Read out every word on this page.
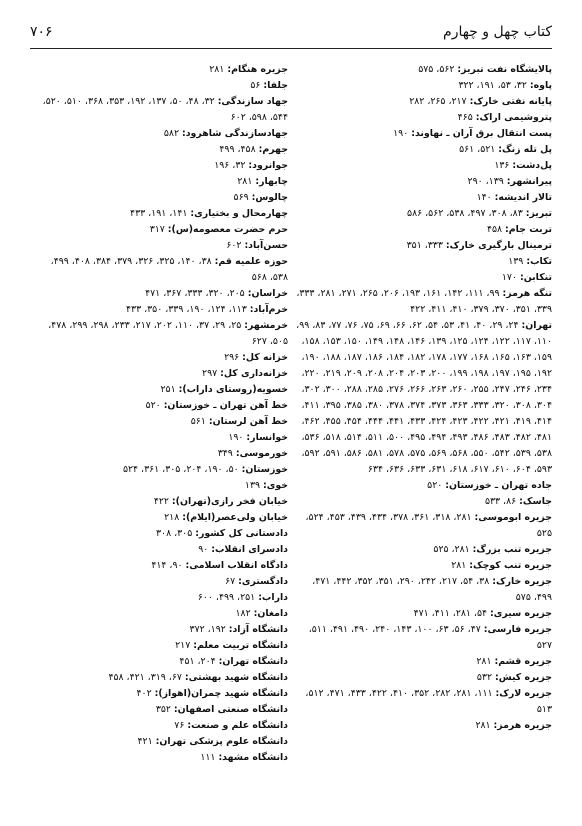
کتاب چهل و چهارم
۷۰۶

پالایشگاه نفت تبریز: ۵۶۲، ۵۷۵

پاوه: ۳۲، ۵۳، ۱۹۱، ۳۲۲

پایانه نفتی خارک: ۲۱۷، ۲۶۵، ۲۸۲

پتروشیمی اراک: ۴۶۵

پست انتقال برق آران ـ نهاوند: ۱۹۰

پل تله زنگ: ۵۲۱، ۵۶۱

پل‌دشت: ۱۳۶

پیرانشهر: ۱۳۹، ۲۹۰

تالار اندیشه: ۱۴۰

تبریز: ۸۳، ۳۰۸، ۴۹۷، ۵۳۸، ۵۶۲، ۵۸۶

تربت جام: ۴۵۸

ترمینال بارگیری خارک: ۳۳۳، ۳۵۱

تکاب: ۱۳۹

تنکابن: ۱۷۰

تنگه هرمز: ۹۹، ۱۱۱، ۱۴۲، ۱۶۱، ۱۹۳، ۲۰۶، ۲۶۵، ۲۷۱، ۲۸۱، ۳۳۳، ۳۳۹، ۳۵۱، ۳۷۰، ۳۷۹، ۴۱۰، ۴۱۱، ۴۲۲

تهران: ۲۴، ۲۹، ۴۰، ۴۱، ۵۳، ۵۴، ۶۲، ۶۶، ۶۹، ۷۵، ۷۶، ۷۷، ۸۳، ۹۹، ۱۱۰، ۱۱۷، ۱۲۲، ۱۲۴، ۱۲۵، ۱۳۹، ۱۴۶، ۱۴۸، ۱۴۹، ۱۵۰، ۱۵۳، ۱۵۸، ۱۵۹، ۱۶۳، ۱۶۵، ۱۶۸، ۱۷۷، ۱۷۸، ۱۸۲، ۱۸۴، ۱۸۶، ۱۸۷، ۱۸۸، ۱۹۰، ۱۹۲، ۱۹۵، ۱۹۷، ۱۹۸، ۱۹۹، ۲۰۰، ۲۰۳، ۲۰۴، ۲۰۸، ۲۰۹، ۲۱۹، ۲۲۰، ۲۳۴، ۲۴۶، ۲۴۷، ۲۵۵، ۲۶۰، ۲۶۳، ۲۶۶، ۲۷۶، ۲۸۵، ۲۸۸، ۳۰۰، ۳۰۲، ۳۰۴، ۳۰۸، ۳۲۰، ۳۳۳، ۳۶۳، ۳۷۳، ۳۷۴، ۳۷۸، ۳۸۰، ۳۸۵، ۳۹۵، ۴۱۱، ۴۱۴، ۴۱۹، ۴۲۱، ۴۲۲، ۴۲۳، ۴۲۴، ۴۳۳، ۴۴۱، ۴۴۴، ۴۵۴، ۴۵۵، ۴۶۲، ۴۸۱، ۴۸۲، ۴۸۳، ۴۸۶، ۴۹۳، ۴۹۴، ۴۹۵، ۵۰۰، ۵۱۱، ۵۱۴، ۵۱۸، ۵۳۶، ۵۳۸، ۵۳۹، ۵۴۲، ۵۵۰، ۵۶۸، ۵۶۹، ۵۷۵، ۵۷۸، ۵۸۱، ۵۸۶، ۵۹۱، ۵۹۲، ۵۹۳، ۶۰۴، ۶۱۰، ۶۱۷، ۶۱۸، ۶۳۱، ۶۳۳، ۶۳۶، ۶۳۴

جاده تهران ـ خوزستان: ۵۲۰

جاسک: ۸۶، ۵۳۳

جزیره ابوموسی: ۲۸۱، ۳۱۸، ۳۶۱، ۳۷۸، ۴۳۴، ۴۳۹، ۴۵۳، ۵۲۴، ۵۲۵

جزیره تنب بزرگ: ۲۸۱، ۵۲۵

جزیره تنب کوچک: ۲۸۱

جزیره خارک: ۳۸، ۵۴، ۲۱۷، ۲۴۲، ۲۹۰، ۳۵۱، ۳۵۲، ۴۴۲، ۴۷۱، ۴۹۹، ۵۷۵

جزیره سیری: ۵۴، ۲۸۱، ۴۱۱، ۴۷۱

جزیره فارسی: ۴۷، ۵۶، ۶۳، ۱۰۰، ۱۴۳، ۲۴۰، ۴۹۰، ۴۹۱، ۵۱۱، ۵۲۷

جزیره قشم: ۲۸۱

جزیره کیش: ۵۳۲

جزیره لارک: ۱۱۱، ۲۸۱، ۲۸۲، ۳۵۲، ۴۱۰، ۴۲۲، ۴۳۳، ۴۷۱، ۵۱۲، ۵۱۳

جزیره هرمز: ۲۸۱

جزیره هنگام: ۲۸۱

جلفا: ۵۶

جهاد سازندگی: ۳۲، ۴۸، ۵۰، ۱۳۷، ۱۹۲، ۳۵۳، ۳۶۸، ۵۱۰، ۵۲۰، ۵۴۴، ۵۹۸، ۶۰۲

جهادسازندگی شاهرود: ۵۸۲

جهرم: ۴۵۸، ۴۹۹

جوانرود: ۳۲، ۱۹۶

چابهار: ۲۸۱

چالوس: ۵۶۹

چهارمحال و بختیاری: ۱۴۱، ۱۹۱، ۴۳۳

حرم حضرت معصومه(س): ۳۱۷

حسن‌آباد: ۶۰۲

حوزه علمیه قم: ۳۸، ۱۴۰، ۳۲۵، ۳۲۶، ۳۷۹، ۳۸۴، ۴۰۸، ۴۹۹، ۵۳۸، ۵۶۸

خراسان: ۲۰۵، ۳۲۰، ۳۳۳، ۳۶۷، ۴۷۱

خرم‌آباد: ۱۱۳، ۱۲۴، ۱۹۰، ۳۳۹، ۳۵۰، ۴۳۳

خرمشهر: ۲۵، ۲۹، ۳۷، ۱۱۰، ۲۰۲، ۲۱۷، ۲۳۳، ۲۹۸، ۲۹۹، ۴۷۸، ۵۰۵، ۶۲۷

خزانه کل: ۲۹۶

خزانه‌داری کل: ۲۹۷

خسویه(روستای داراب): ۲۵۱

خط آهن تهران ـ خوزستان: ۵۲۰

خط آهن لرستان: ۵۶۱

خوانسار: ۱۹۰

خورموسی: ۳۴۹

خوزستان: ۵۰، ۱۹۰، ۲۰۴، ۳۰۵، ۳۶۱، ۵۲۴

خوی: ۱۳۹

خیابان فخر رازی(تهران): ۴۲۲

خیابان ولی‌عصر(ایلام): ۲۱۸

دادستانی کل کشور: ۳۰۵، ۳۰۸

دادسرای انقلاب: ۹۰

دادگاه انقلاب اسلامی: ۹۰، ۴۱۴

دادگستری: ۶۷

داراب: ۲۵۱، ۴۹۹، ۶۰۰

دامغان: ۱۸۲

دانشگاه آزاد: ۱۹۲، ۳۷۲

دانشگاه تربیت معلم: ۲۱۷

دانشگاه تهران: ۲۰۴، ۴۵۱

دانشگاه شهید بهشتی: ۶۷، ۳۱۹، ۴۲۱، ۴۵۸

دانشگاه شهید چمران(اهواز): ۴۰۲

دانشگاه صنعتی اصفهان: ۳۵۲

دانشگاه علم و صنعت: ۷۶

دانشگاه علوم پزشکی تهران: ۴۲۱

دانشگاه مشهد: ۱۱۱
